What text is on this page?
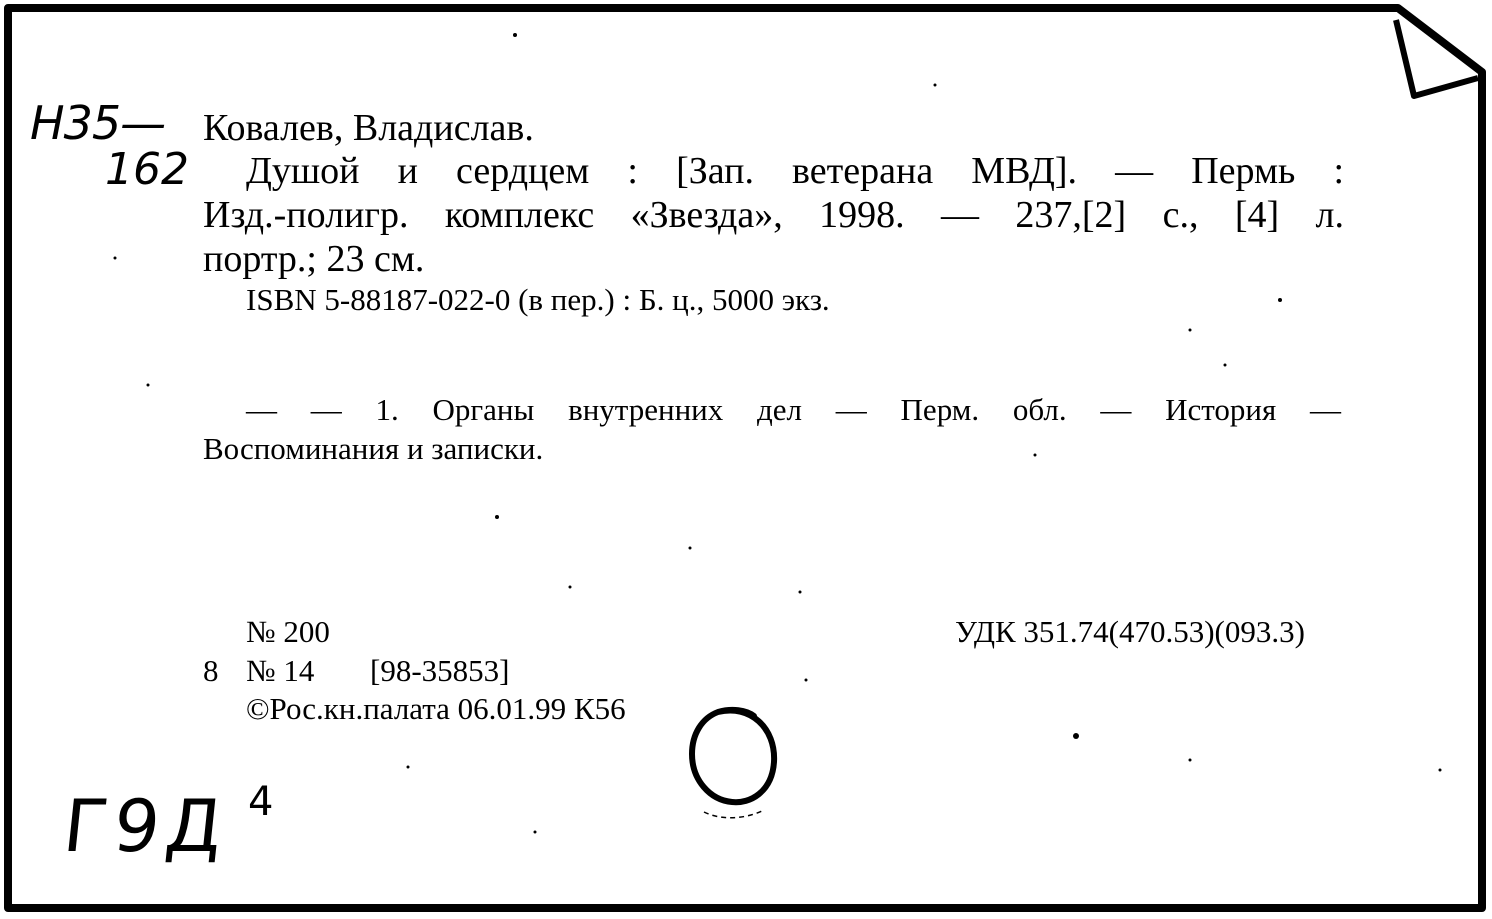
Н35—
162
Ковалев, Владислав.
Душой и сердцем : [Зап. ветерана МВД]. — Пермь :
Изд.-полигр. комплекс «Звезда», 1998. — 237,[2] с., [4] л.
портр.; 23 см.
ISBN 5-88187-022-0 (в пер.) : Б. ц., 5000 экз.
— — 1. Органы внутренних дел — Перм. обл. — История —
Воспоминания и записки.
№ 200	УДК 351.74(470.53)(093.3)
8 № 14 [98-35853]
©Рос.кн.палата 06.01.99 К56
Г9Д 4
